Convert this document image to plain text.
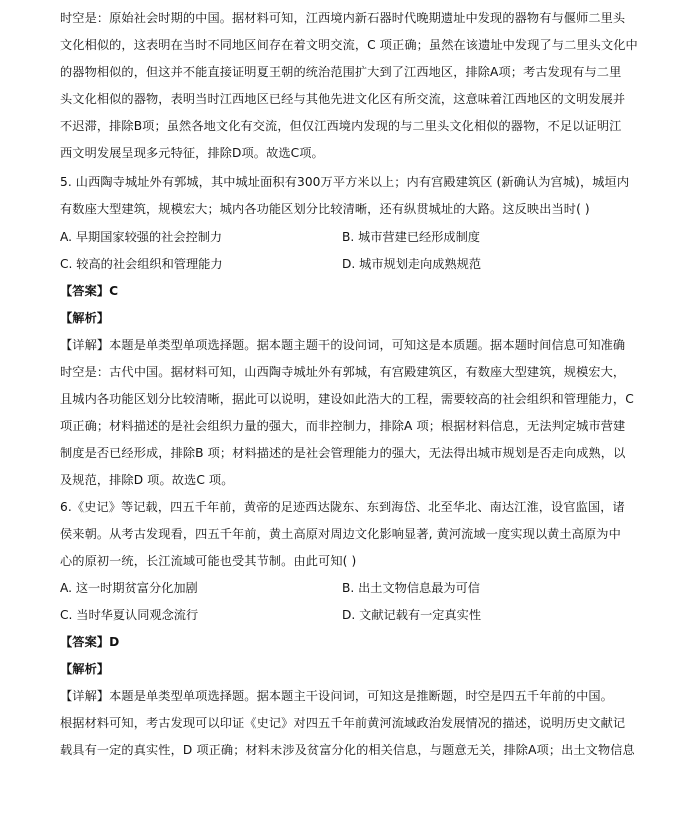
时空是：原始社会时期的中国。据材料可知，江西境内新石器时代晚期遗址中发现的器物有与偃师二里头
文化相似的，这表明在当时不同地区间存在着文明交流，C 项正确；虽然在该遗址中发现了与二里头文化中
的器物相似的，但这并不能直接证明夏王朝的统治范围扩大到了江西地区，排除A项；考古发现有与二里
头文化相似的器物，表明当时江西地区已经与其他先进文化区有所交流，这意味着江西地区的文明发展并
不迟滞，排除B项；虽然各地文化有交流，但仅江西境内发现的与二里头文化相似的器物，不足以证明江
西文明发展呈现多元特征，排除D项。故选C项。
5. 山西陶寺城址外有郭城，其中城址面积有300万平方米以上；内有宫殿建筑区 (新确认为宫城)，城垣内
有数座大型建筑，规模宏大；城内各功能区划分比较清晰，还有纵贯城址的大路。这反映出当时( )
A. 早期国家较强的社会控制力	B. 城市营建已经形成制度
C. 较高的社会组织和管理能力	D. 城市规划走向成熟规范
【答案】C
【解析】
【详解】本题是单类型单项选择题。据本题主题干的设问词，可知这是本质题。据本题时间信息可知准确
时空是：古代中国。据材料可知，山西陶寺城址外有郭城，有宫殿建筑区，有数座大型建筑，规模宏大，
且城内各功能区划分比较清晰，据此可以说明，建设如此浩大的工程，需要较高的社会组织和管理能力，C
项正确；材料描述的是社会组织力量的强大，而非控制力，排除A 项；根据材料信息，无法判定城市营建
制度是否已经形成，排除B 项；材料描述的是社会管理能力的强大，无法得出城市规划是否走向成熟，以
及规范，排除D 项。故选C 项。
6.《史记》等记载，四五千年前，黄帝的足迹西达陇东、东到海岱、北至华北、南达江淮，设官监国，诸
侯来朝。从考古发现看，四五千年前，黄土高原对周边文化影响显著, 黄河流域一度实现以黄土高原为中
心的原初一统，长江流域可能也受其节制。由此可知( )
A. 这一时期贫富分化加剧	B. 出土文物信息最为可信
C. 当时华夏认同观念流行	D. 文献记载有一定真实性
【答案】D
【解析】
【详解】本题是单类型单项选择题。据本题主干设问词，可知这是推断题，时空是四五千年前的中国。
根据材料可知，考古发现可以印证《史记》对四五千年前黄河流域政治发展情况的描述，说明历史文献记
载具有一定的真实性，D 项正确；材料未涉及贫富分化的相关信息，与题意无关，排除A项；出土文物信息
